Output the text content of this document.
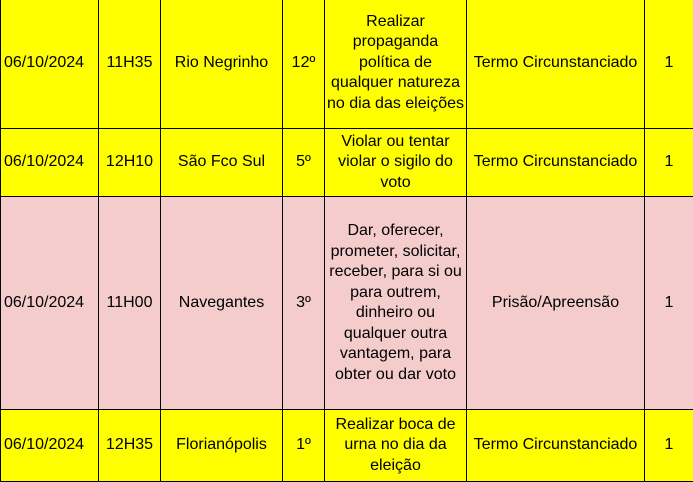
06/10/2024	11H35	Rio Negrinho	12º	Realizar propaganda política de qualquer natureza no dia das eleições	Termo Circunstanciado	1
06/10/2024	12H10	São Fco Sul	5º	Violar ou tentar violar o sigilo do voto	Termo Circunstanciado	1
06/10/2024	11H00	Navegantes	3º	Dar, oferecer, prometer, solicitar, receber, para si ou para outrem, dinheiro ou qualquer outra vantagem, para obter ou dar voto	Prisão/Apreensão	1
06/10/2024	12H35	Florianópolis	1º	Realizar boca de urna no dia da eleição	Termo Circunstanciado	1
